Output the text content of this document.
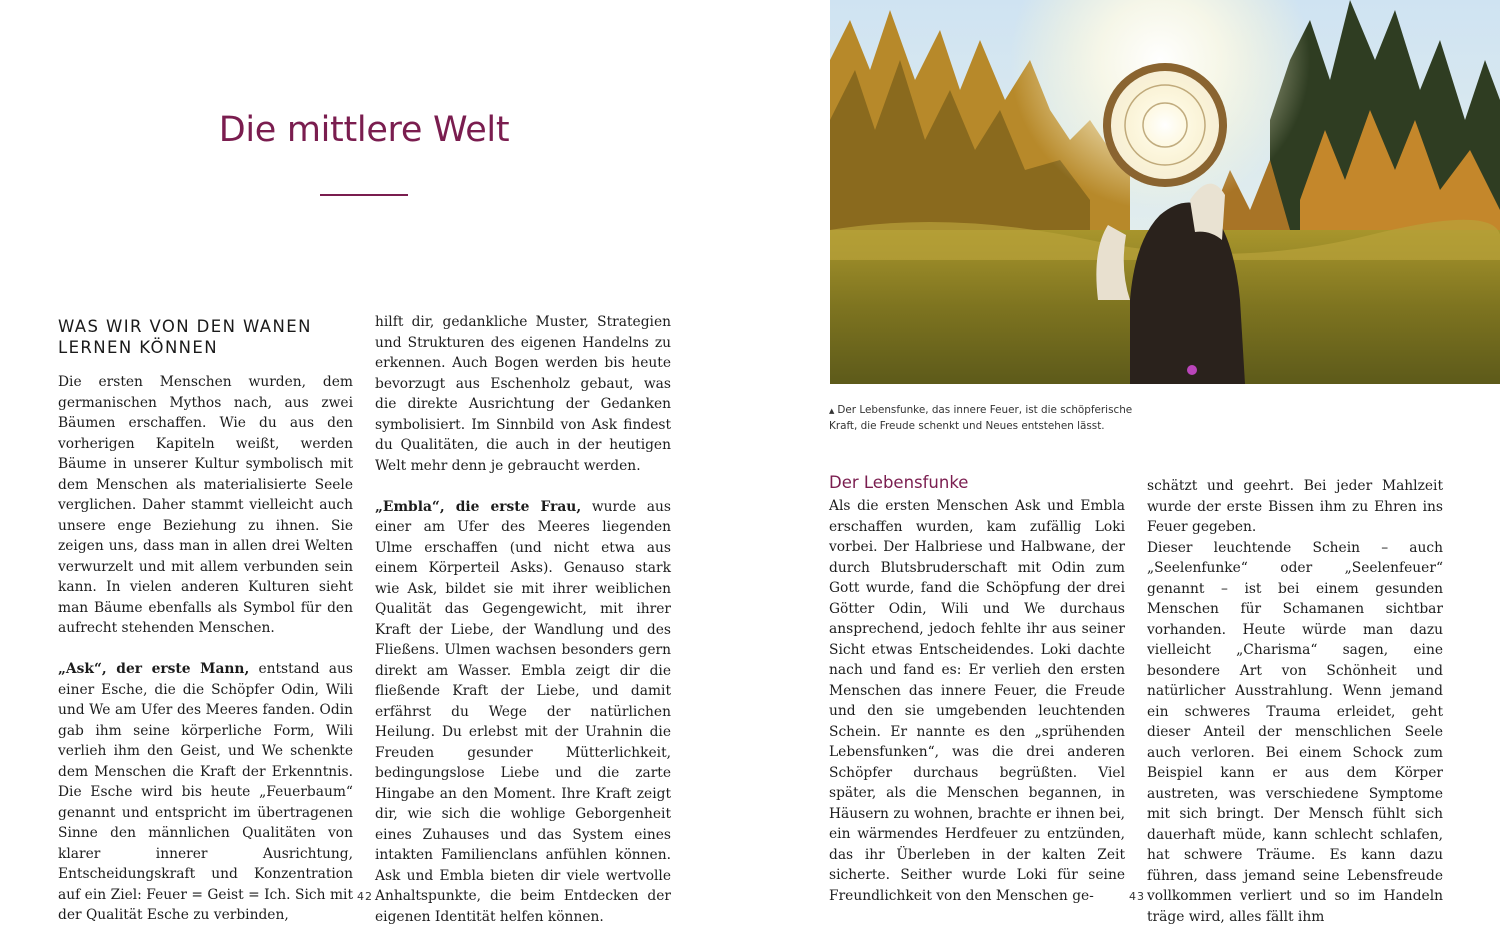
Die mittlere Welt
WAS WIR VON DEN WANEN
LERNEN KÖNNEN

Die ersten Menschen wurden, dem germanischen Mythos nach, aus zwei Bäumen erschaffen. Wie du aus den vorherigen Kapiteln weißt, werden Bäume in unserer Kultur symbolisch mit dem Menschen als materialisierte Seele verglichen. Daher stammt vielleicht auch unsere enge Beziehung zu ihnen. Sie zeigen uns, dass man in allen drei Welten verwurzelt und mit allem verbunden sein kann. In vielen anderen Kulturen sieht man Bäume ebenfalls als Symbol für den aufrecht stehenden Menschen.

„Ask“, der erste Mann, entstand aus einer Esche, die die Schöpfer Odin, Wili und We am Ufer des Meeres fanden. Odin gab ihm seine körperliche Form, Wili verlieh ihm den Geist, und We schenkte dem Menschen die Kraft der Erkenntnis. Die Esche wird bis heute „Feuerbaum“ genannt und entspricht im übertragenen Sinne den männlichen Qualitäten von klarer innerer Ausrichtung, Entscheidungskraft und Konzentration auf ein Ziel: Feuer = Geist = Ich. Sich mit der Qualität Esche zu verbinden,

hilft dir, gedankliche Muster, Strategien und Strukturen des eigenen Handelns zu erkennen. Auch Bogen werden bis heute bevorzugt aus Eschenholz gebaut, was die direkte Ausrichtung der Gedanken symbolisiert. Im Sinnbild von Ask findest du Qualitäten, die auch in der heutigen Welt mehr denn je gebraucht werden.

„Embla“, die erste Frau, wurde aus einer am Ufer des Meeres liegenden Ulme erschaffen (und nicht etwa aus einem Körperteil Asks). Genauso stark wie Ask, bildet sie mit ihrer weiblichen Qualität das Gegengewicht, mit ihrer Kraft der Liebe, der Wandlung und des Fließens. Ulmen wachsen besonders gern direkt am Wasser. Embla zeigt dir die fließende Kraft der Liebe, und damit erfährst du Wege der natürlichen Heilung. Du erlebst mit der Urahnin die Freuden gesunder Mütterlichkeit, bedingungslose Liebe und die zarte Hingabe an den Moment. Ihre Kraft zeigt dir, wie sich die wohlige Geborgenheit eines Zuhauses und das System eines intakten Familienclans anfühlen können. Ask und Embla bieten dir viele wertvolle Anhaltspunkte, die beim Entdecken der eigenen Identität helfen können.

42
▲ Der Lebensfunke, das innere Feuer, ist die schöpferische
Kraft, die Freude schenkt und Neues entstehen lässt.
Der Lebensfunke

Als die ersten Menschen Ask und Embla erschaffen wurden, kam zufällig Loki vorbei. Der Halbriese und Halbwane, der durch Blutsbruderschaft mit Odin zum Gott wurde, fand die Schöpfung der drei Götter Odin, Wili und We durchaus ansprechend, jedoch fehlte ihr aus seiner Sicht etwas Entscheidendes. Loki dachte nach und fand es: Er verlieh den ersten Menschen das innere Feuer, die Freude und den sie umgebenden leuchtenden Schein. Er nannte es den „sprühenden Lebensfunken“, was die drei anderen Schöpfer durchaus begrüßten. Viel später, als die Menschen begannen, in Häusern zu wohnen, brachte er ihnen bei, ein wärmendes Herdfeuer zu entzünden, das ihr Überleben in der kalten Zeit sicherte. Seither wurde Loki für seine Freundlichkeit von den Menschen ge-

schätzt und geehrt. Bei jeder Mahlzeit wurde der erste Bissen ihm zu Ehren ins Feuer gegeben.

Dieser leuchtende Schein – auch „Seelenfunke“ oder „Seelenfeuer“ genannt – ist bei einem gesunden Menschen für Schamanen sichtbar vorhanden. Heute würde man dazu vielleicht „Charisma“ sagen, eine besondere Art von Schönheit und natürlicher Ausstrahlung. Wenn jemand ein schweres Trauma erleidet, geht dieser Anteil der menschlichen Seele auch verloren. Bei einem Schock zum Beispiel kann er aus dem Körper austreten, was verschiedene Symptome mit sich bringt. Der Mensch fühlt sich dauerhaft müde, kann schlecht schlafen, hat schwere Träume. Es kann dazu führen, dass jemand seine Lebensfreude vollkommen verliert und so im Handeln träge wird, alles fällt ihm

43
